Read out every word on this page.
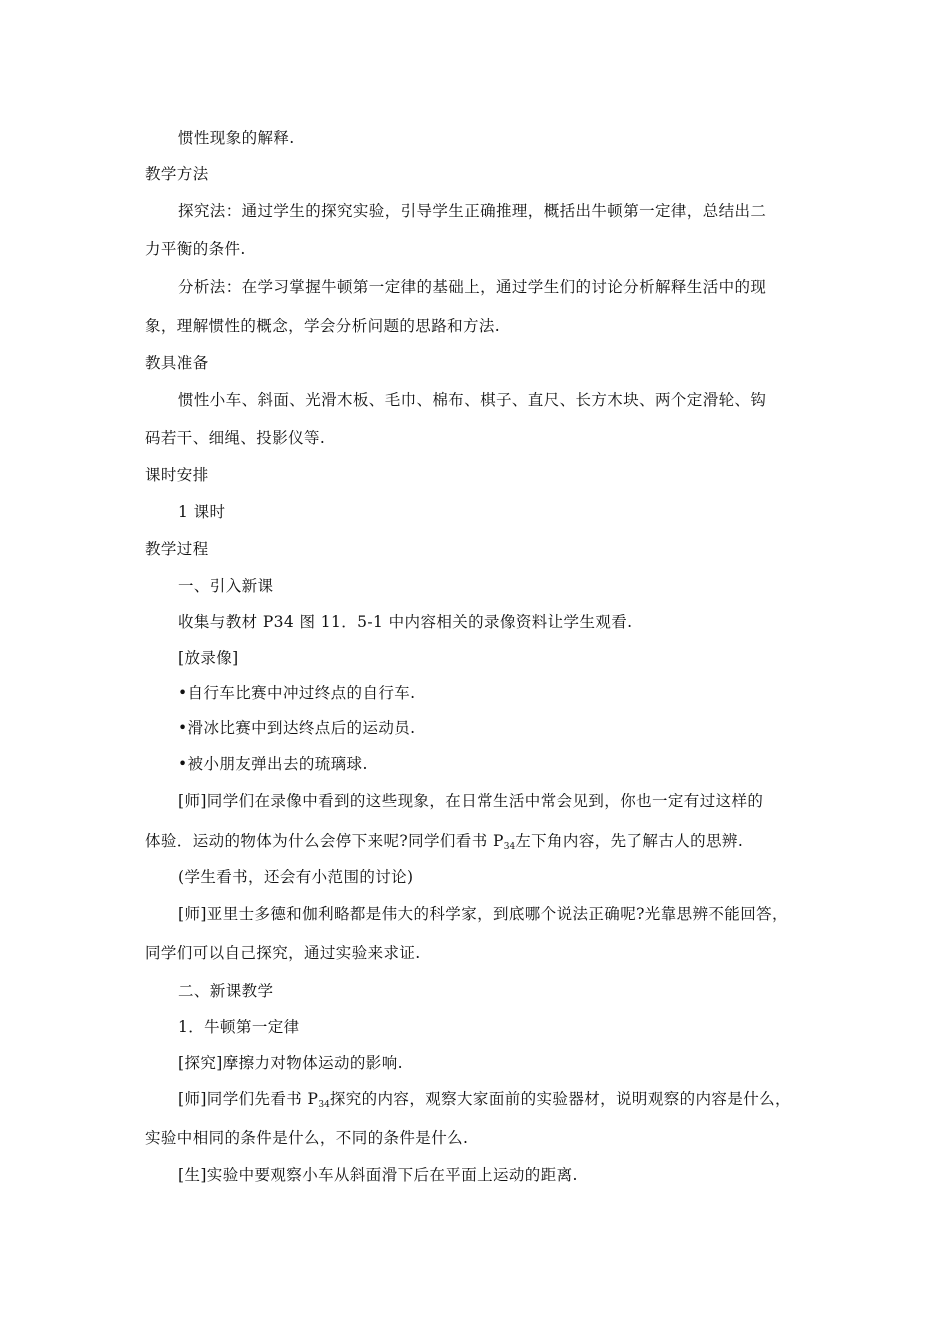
惯性现象的解释.
教学方法
探究法：通过学生的探究实验，引导学生正确推理，概括出牛顿第一定律，总结出二
力平衡的条件.
分析法：在学习掌握牛顿第一定律的基础上，通过学生们的讨论分析解释生活中的现
象，理解惯性的概念，学会分析问题的思路和方法.
教具准备
惯性小车、斜面、光滑木板、毛巾、棉布、棋子、直尺、长方木块、两个定滑轮、钩
码若干、细绳、投影仪等.
课时安排
1 课时
教学过程
一、引入新课
收集与教材 P34 图 11．5-1 中内容相关的录像资料让学生观看.
[放录像]
•自行车比赛中冲过终点的自行车.
•滑冰比赛中到达终点后的运动员.
•被小朋友弹出去的琉璃球.
[师]同学们在录像中看到的这些现象，在日常生活中常会见到，你也一定有过这样的
体验．运动的物体为什么会停下来呢?同学们看书 $P_{34}$左下角内容，先了解古人的思辨.
(学生看书，还会有小范围的讨论)
[师]亚里士多德和伽利略都是伟大的科学家，到底哪个说法正确呢?光靠思辨不能回答，
同学们可以自己探究，通过实验来求证.
二、新课教学
1．牛顿第一定律
[探究]摩擦力对物体运动的影响.
[师]同学们先看书 $P_{34}$探究的内容，观察大家面前的实验器材，说明观察的内容是什么，
实验中相同的条件是什么，不同的条件是什么.
[生]实验中要观察小车从斜面滑下后在平面上运动的距离.
